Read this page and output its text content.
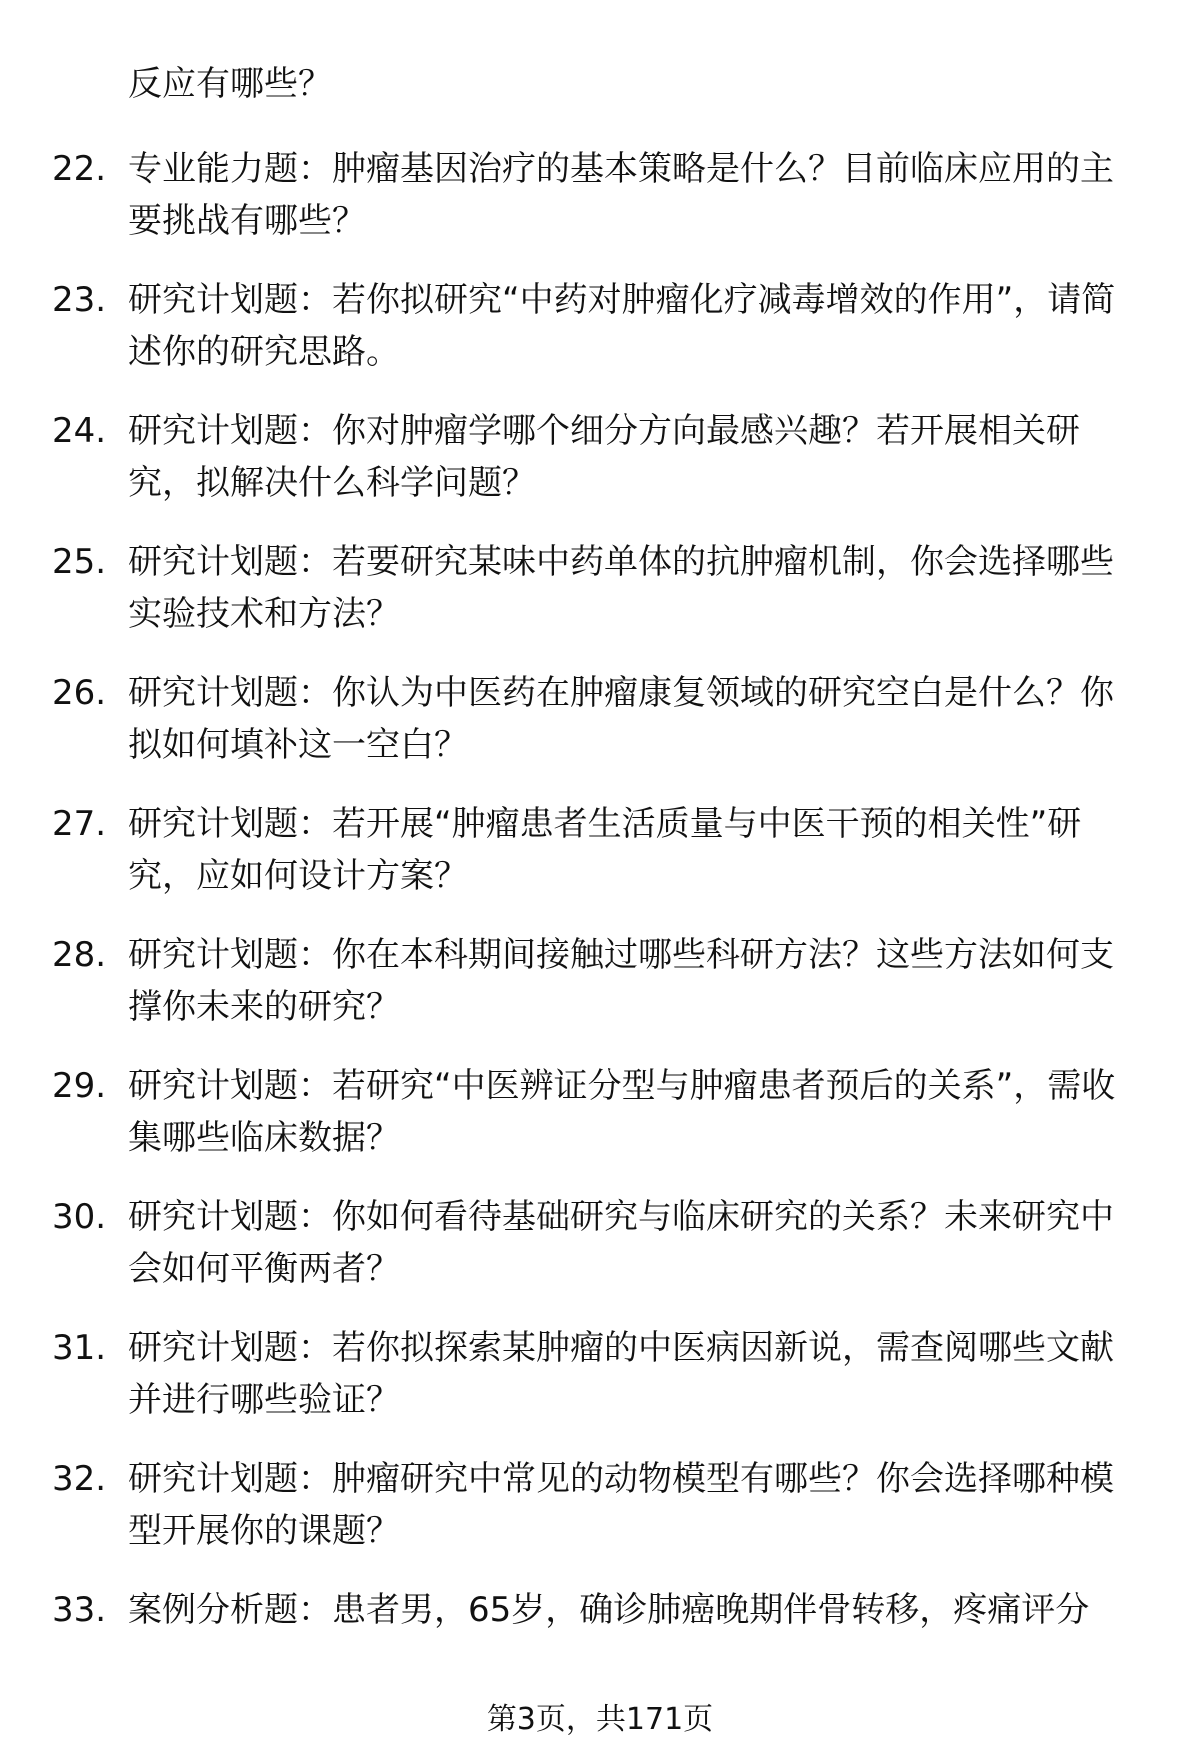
反应有哪些？
22. 专业能力题：肿瘤基因治疗的基本策略是什么？目前临床应用的主要挑战有哪些？
23. 研究计划题：若你拟研究“中药对肿瘤化疗减毒增效的作用”，请简述你的研究思路。
24. 研究计划题：你对肿瘤学哪个细分方向最感兴趣？若开展相关研究，拟解决什么科学问题？
25. 研究计划题：若要研究某味中药单体的抗肿瘤机制，你会选择哪些实验技术和方法？
26. 研究计划题：你认为中医药在肿瘤康复领域的研究空白是什么？你拟如何填补这一空白？
27. 研究计划题：若开展“肿瘤患者生活质量与中医干预的相关性”研究，应如何设计方案？
28. 研究计划题：你在本科期间接触过哪些科研方法？这些方法如何支撑你未来的研究？
29. 研究计划题：若研究“中医辨证分型与肿瘤患者预后的关系”，需收集哪些临床数据？
30. 研究计划题：你如何看待基础研究与临床研究的关系？未来研究中会如何平衡两者？
31. 研究计划题：若你拟探索某肿瘤的中医病因新说，需查阅哪些文献并进行哪些验证？
32. 研究计划题：肿瘤研究中常见的动物模型有哪些？你会选择哪种模型开展你的课题？
33. 案例分析题：患者男，65岁，确诊肺癌晚期伴骨转移，疼痛评分
第3页，共171页
